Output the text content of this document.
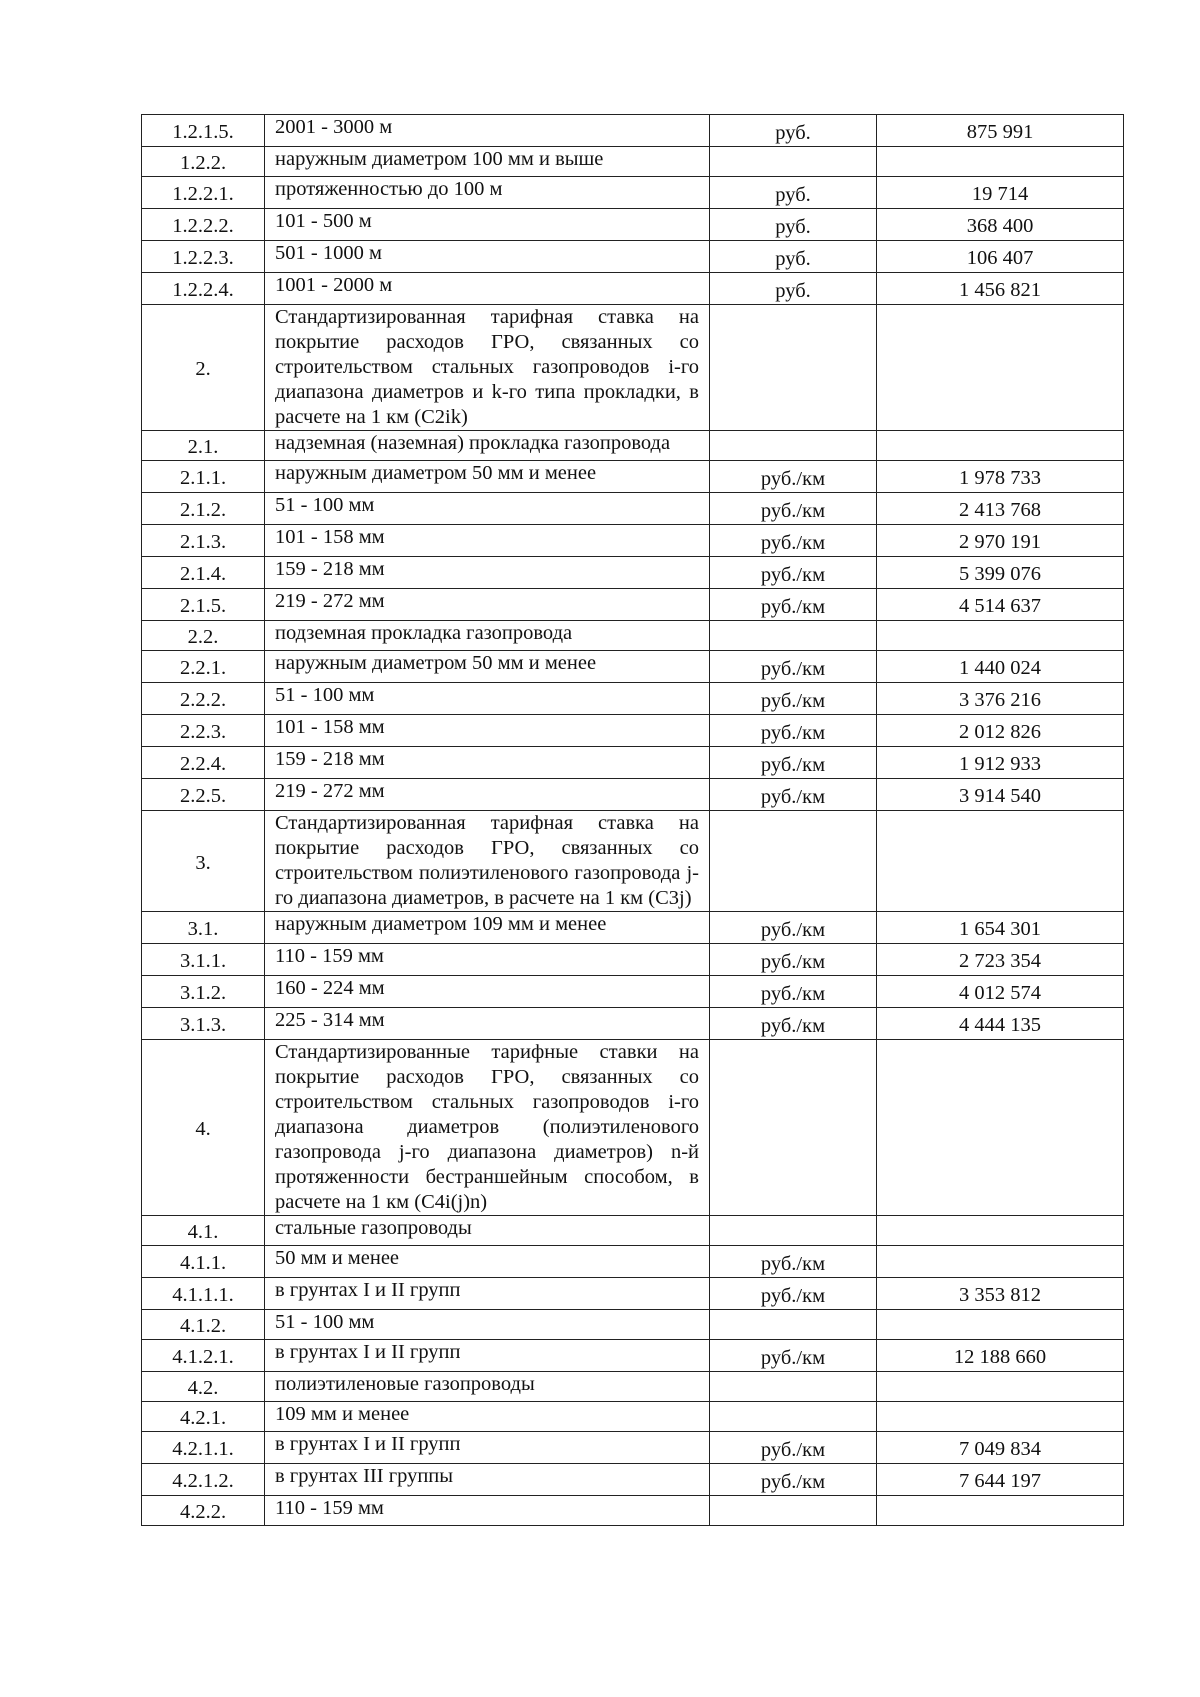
1.2.1.5.	2001 - 3000 м	руб.	875 991
1.2.2.	наружным диаметром 100 мм и выше		
1.2.2.1.	протяженностью до 100 м	руб.	19 714
1.2.2.2.	101 - 500 м	руб.	368 400
1.2.2.3.	501 - 1000 м	руб.	106 407
1.2.2.4.	1001 - 2000 м	руб.	1 456 821
2.	Стандартизированная тарифная ставка на покрытие расходов ГРО, связанных со строительством стальных газопроводов i-го диапазона диаметров и k-го типа прокладки, в расчете на 1 км (C2ik)		
2.1.	надземная (наземная) прокладка газопровода		
2.1.1.	наружным диаметром 50 мм и менее	руб./км	1 978 733
2.1.2.	51 - 100 мм	руб./км	2 413 768
2.1.3.	101 - 158 мм	руб./км	2 970 191
2.1.4.	159 - 218 мм	руб./км	5 399 076
2.1.5.	219 - 272 мм	руб./км	4 514 637
2.2.	подземная прокладка газопровода		
2.2.1.	наружным диаметром 50 мм и менее	руб./км	1 440 024
2.2.2.	51 - 100 мм	руб./км	3 376 216
2.2.3.	101 - 158 мм	руб./км	2 012 826
2.2.4.	159 - 218 мм	руб./км	1 912 933
2.2.5.	219 - 272 мм	руб./км	3 914 540
3.	Стандартизированная тарифная ставка на покрытие расходов ГРО, связанных со строительством полиэтиленового газопровода j-го диапазона диаметров, в расчете на 1 км (C3j)		
3.1.	наружным диаметром 109 мм и менее	руб./км	1 654 301
3.1.1.	110 - 159 мм	руб./км	2 723 354
3.1.2.	160 - 224 мм	руб./км	4 012 574
3.1.3.	225 - 314 мм	руб./км	4 444 135
4.	Стандартизированные тарифные ставки на покрытие расходов ГРО, связанных со строительством стальных газопроводов i-го диапазона диаметров (полиэтиленового газопровода j-го диапазона диаметров) n-й протяженности бестраншейным способом, в расчете на 1 км (C4i(j)n)		
4.1.	стальные газопроводы		
4.1.1.	50 мм и менее	руб./км	
4.1.1.1.	в грунтах I и II групп	руб./км	3 353 812
4.1.2.	51 - 100 мм		
4.1.2.1.	в грунтах I и II групп	руб./км	12 188 660
4.2.	полиэтиленовые газопроводы		
4.2.1.	109 мм и менее		
4.2.1.1.	в грунтах I и II групп	руб./км	7 049 834
4.2.1.2.	в грунтах III группы	руб./км	7 644 197
4.2.2.	110 - 159 мм		
